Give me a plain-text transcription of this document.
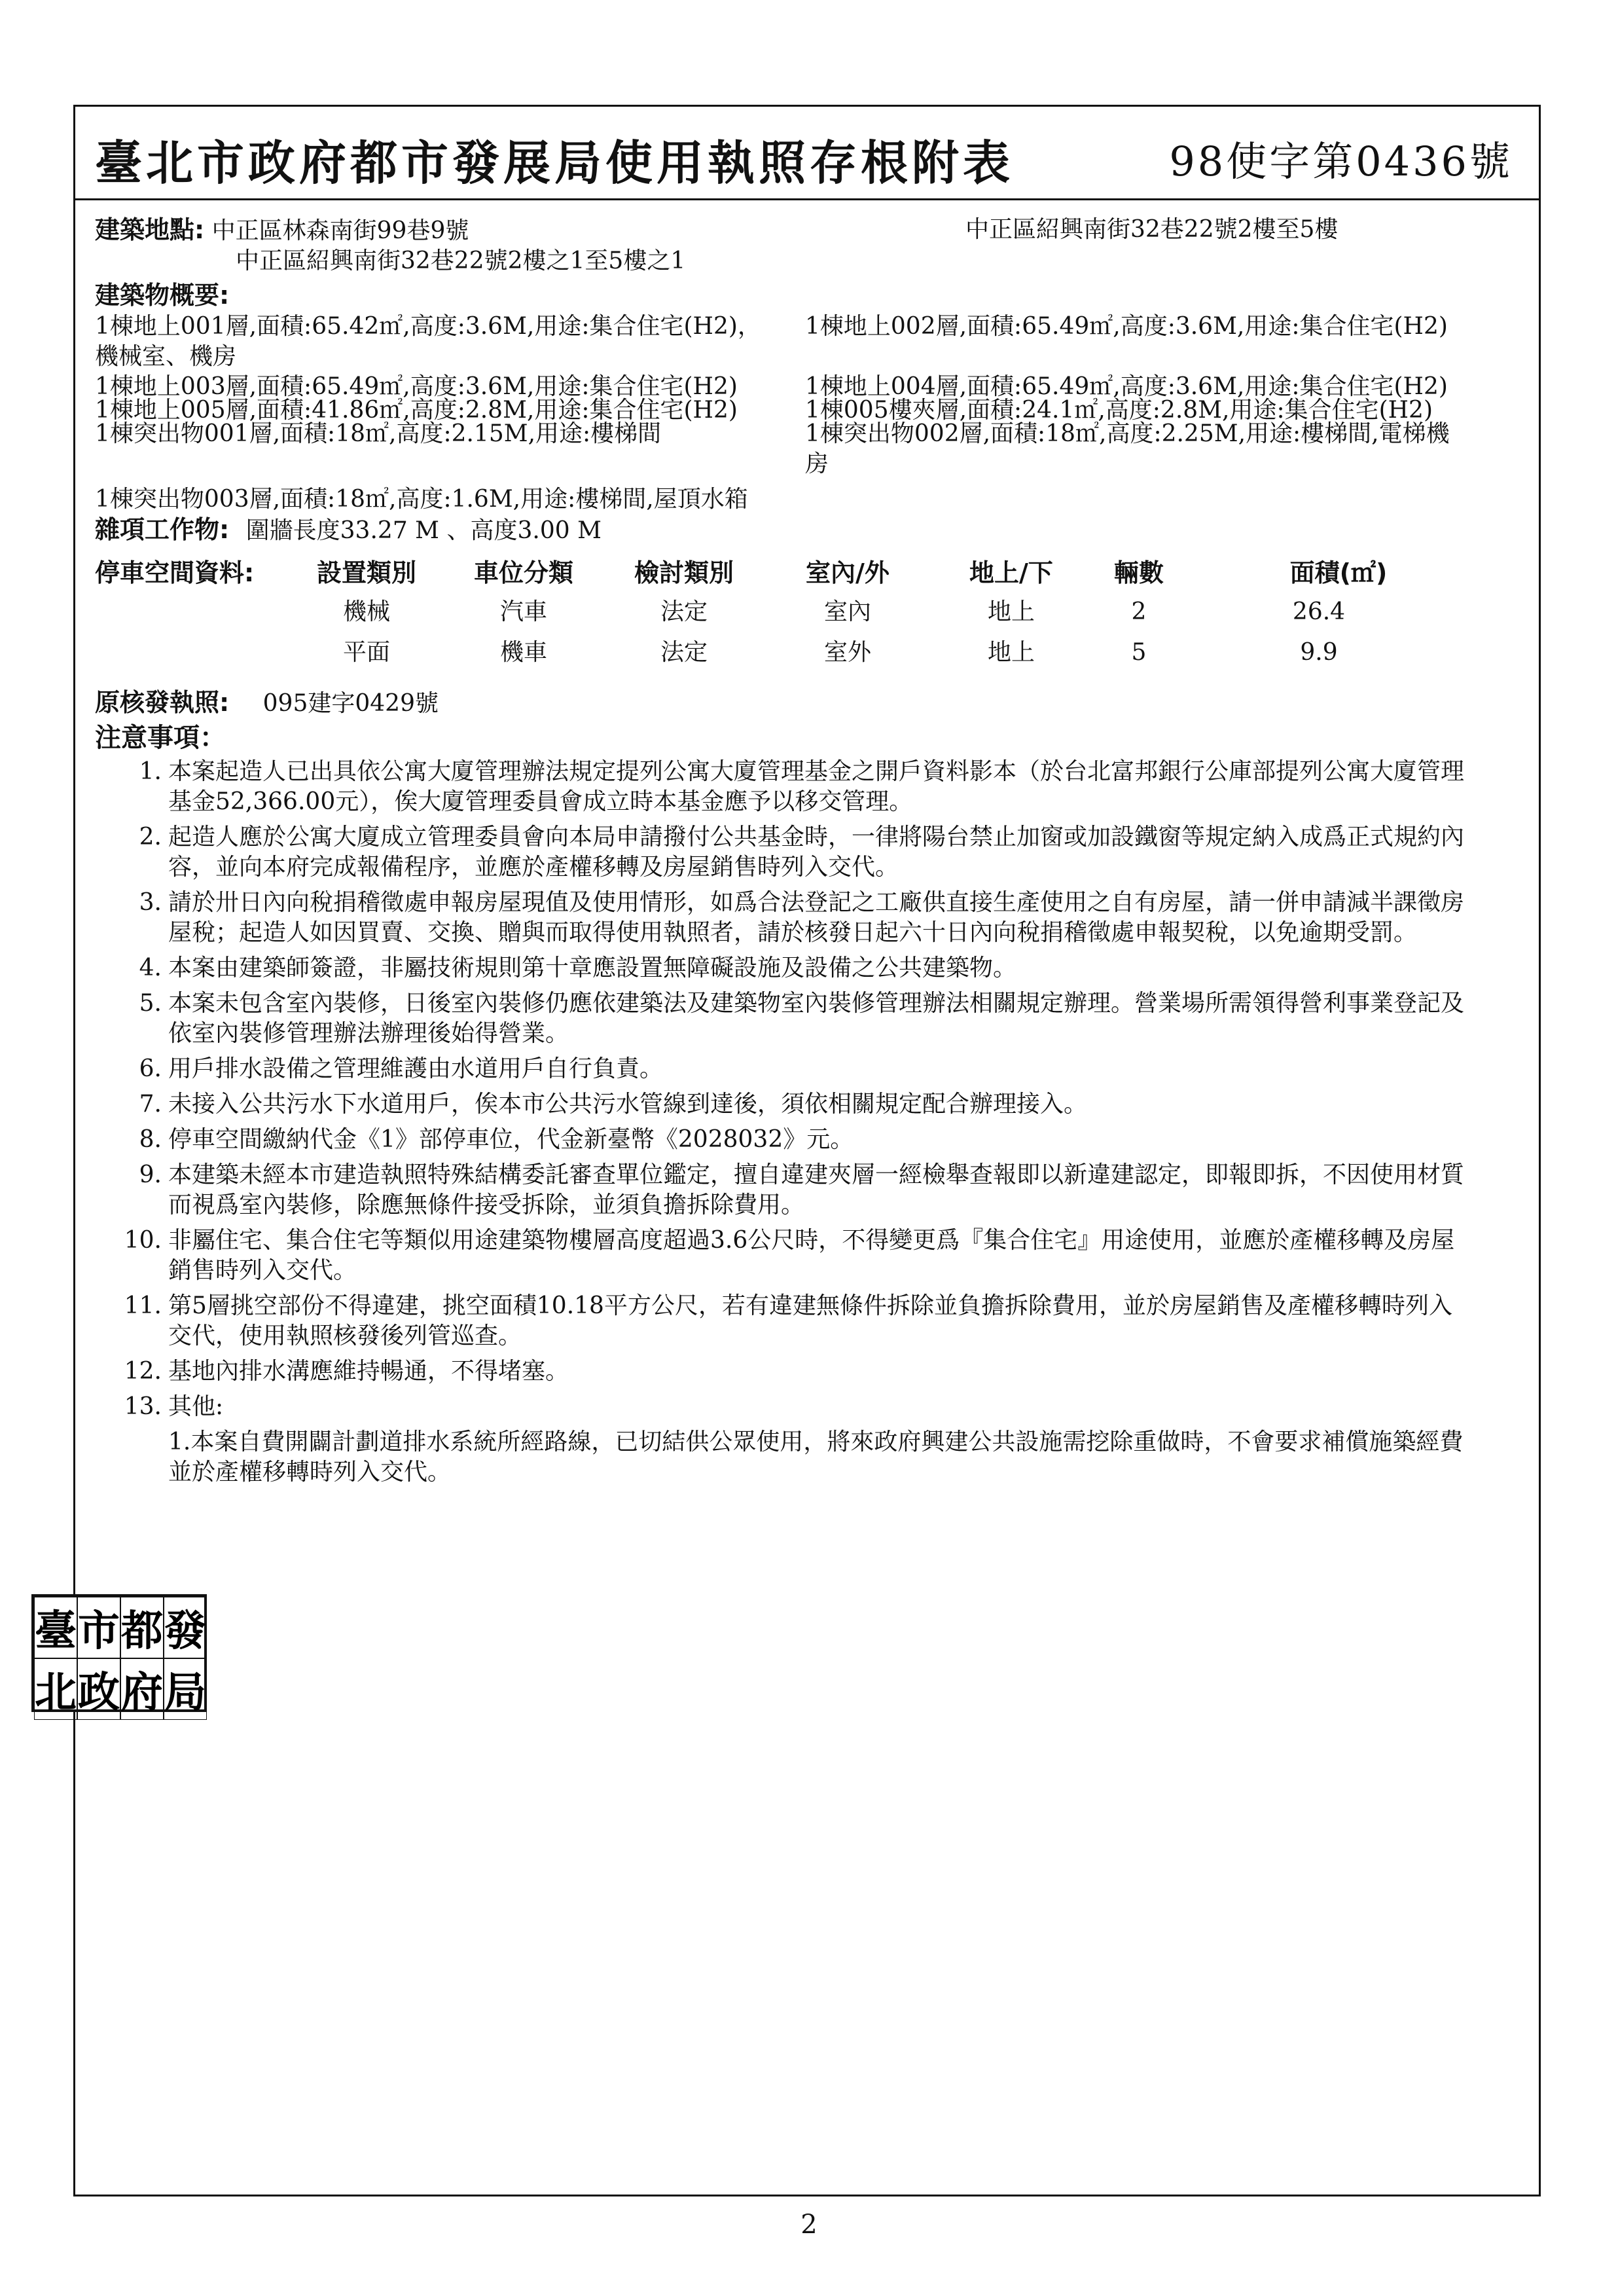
臺北市政府都市發展局使用執照存根附表	98使字第0436號
建築地點: 中正區林森南街99巷9號	中正區紹興南街32巷22號2樓至5樓
中正區紹興南街32巷22號2樓之1至5樓之1
建築物概要:
1棟地上001層,面積:65.42㎡,高度:3.6M,用途:集合住宅(H2)， 1棟地上002層,面積:65.49㎡,高度:3.6M,用途:集合住宅(H2)
機械室、機房
1棟地上003層,面積:65.49㎡,高度:3.6M,用途:集合住宅(H2)	1棟地上004層,面積:65.49㎡,高度:3.6M,用途:集合住宅(H2)
1棟地上005層,面積:41.86㎡,高度:2.8M,用途:集合住宅(H2)	1棟005樓夾層,面積:24.1㎡,高度:2.8M,用途:集合住宅(H2)
1棟突出物001層,面積:18㎡,高度:2.15M,用途:樓梯間	1棟突出物002層,面積:18㎡,高度:2.25M,用途:樓梯間,電梯機
房
1棟突出物003層,面積:18㎡,高度:1.6M,用途:樓梯間,屋頂水箱
雜項工作物: 圍牆長度33.27 M 、高度3.00 M
停車空間資料:	設置類別	車位分類	檢討類別	室內/外	地上/下	輛數	面積(㎡)
機械	汽車	法定	室內	地上	2	26.4
平面	機車	法定	室外	地上	5	9.9
原核發執照: 095建字0429號
注意事項：
1. 本案起造人已出具依公寓大廈管理辦法規定提列公寓大廈管理基金之開戶資料影本（於台北富邦銀行公庫部提列公寓大廈管理基金52,366.00元），俟大廈管理委員會成立時本基金應予以移交管理。
2. 起造人應於公寓大廈成立管理委員會向本局申請撥付公共基金時，一律將陽台禁止加窗或加設鐵窗等規定納入成爲正式規約內容，並向本府完成報備程序，並應於產權移轉及房屋銷售時列入交代。
3. 請於卅日內向稅捐稽徵處申報房屋現值及使用情形，如爲合法登記之工廠供直接生產使用之自有房屋，請一併申請減半課徵房屋稅；起造人如因買賣、交換、贈與而取得使用執照者，請於核發日起六十日內向稅捐稽徵處申報契稅，以免逾期受罰。
4. 本案由建築師簽證，非屬技術規則第十章應設置無障礙設施及設備之公共建築物。
5. 本案未包含室內裝修，日後室內裝修仍應依建築法及建築物室內裝修管理辦法相關規定辦理。營業場所需領得營利事業登記及依室內裝修管理辦法辦理後始得營業。
6. 用戶排水設備之管理維護由水道用戶自行負責。
7. 未接入公共污水下水道用戶，俟本市公共污水管線到達後，須依相關規定配合辦理接入。
8. 停車空間繳納代金《1》部停車位，代金新臺幣《2028032》元。
9. 本建築未經本市建造執照特殊結構委託審查單位鑑定，擅自違建夾層一經檢舉查報即以新違建認定，即報即拆，不因使用材質而視爲室內裝修，除應無條件接受拆除，並須負擔拆除費用。
10. 非屬住宅、集合住宅等類似用途建築物樓層高度超過3.6公尺時，不得變更爲『集合住宅』用途使用，並應於產權移轉及房屋銷售時列入交代。
11. 第5層挑空部份不得違建，挑空面積10.18平方公尺，若有違建無條件拆除並負擔拆除費用，並於房屋銷售及產權移轉時列入交代，使用執照核發後列管巡查。
12. 基地內排水溝應維持暢通，不得堵塞。
13. 其他:
1.本案自費開闢計劃道排水系統所經路線，已切結供公眾使用，將來政府興建公共設施需挖除重做時，不會要求補償施築經費並於產權移轉時列入交代。
臺 市 都 發
北 政 府 局
2
